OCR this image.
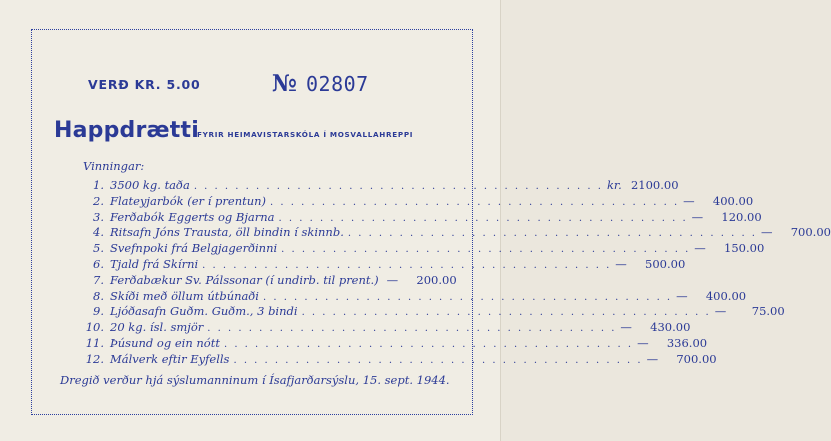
VERÐ KR. 5.00	№ 02807
Happdrætti
FYRIR HEIMAVISTARSKÓLA Í MOSVALLAHREPPI
Vinningar:
1. 3500 kg. taða . . . . . . . . . . . . . . . . . . . . . . . . . . . . . . . . . . . . . . . . kr. 2100.00
2. Flateyjarbók (er í prentun) . . . . . . . . . . . . . . . . . . . . . . . . . . . . . . . . . . . . . . . . —	400.00
3. Ferðabók Eggerts og Bjarna . . . . . . . . . . . . . . . . . . . . . . . . . . . . . . . . . . . . . . . . —	120.00
4. Ritsafn Jóns Trausta, öll bindin í skinnb. . . . . . . . . . . . . . . . . . . . . . . . . . . . . . . . . . . . . . . . . —	700.00
5. Svefnpoki frá Belgjagerðinni . . . . . . . . . . . . . . . . . . . . . . . . . . . . . . . . . . . . . . . . —	150.00
6. Tjald frá Skírni . . . . . . . . . . . . . . . . . . . . . . . . . . . . . . . . . . . . . . . . —	500.00
7. Ferðabækur Sv. Pálssonar (í undirb. til prent.) —	200.00
8. Skíði með öllum útbúnaði . . . . . . . . . . . . . . . . . . . . . . . . . . . . . . . . . . . . . . . . —	400.00
9. Ljóðasafn Guðm. Guðm., 3 bindi . . . . . . . . . . . . . . . . . . . . . . . . . . . . . . . . . . . . . . . . —	75.00
10. 20 kg. ísl. smjör . . . . . . . . . . . . . . . . . . . . . . . . . . . . . . . . . . . . . . . . —	430.00
11. Þúsund og ein nótt . . . . . . . . . . . . . . . . . . . . . . . . . . . . . . . . . . . . . . . . —	336.00
12. Málverk eftir Eyfells . . . . . . . . . . . . . . . . . . . . . . . . . . . . . . . . . . . . . . . . —	700.00
Dregið verður hjá sýslumanninum í Ísafjarðarsýslu, 15. sept. 1944.
